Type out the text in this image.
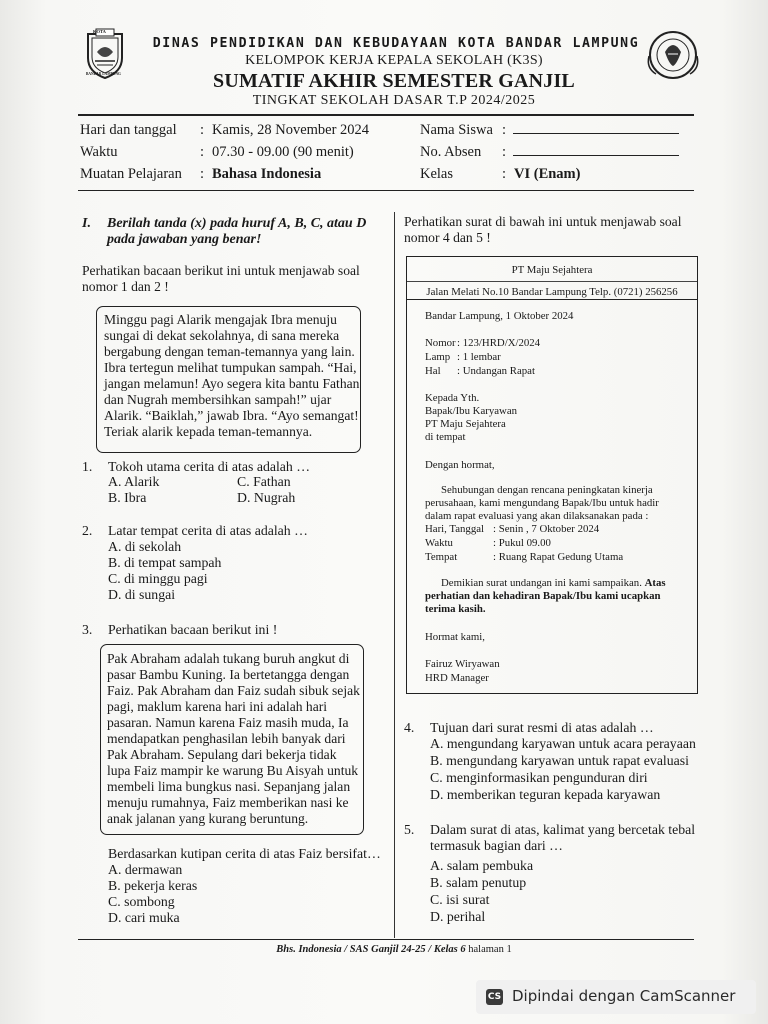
KOTA
BANDAR LAMPUNG
DINAS PENDIDIKAN DAN KEBUDAYAAN KOTA BANDAR LAMPUNG
KELOMPOK KERJA KEPALA SEKOLAH (K3S)
SUMATIF AKHIR SEMESTER GANJIL
TINGKAT SEKOLAH DASAR T.P 2024/2025
Hari dan tanggal : Kamis, 28 November 2024
Waktu	: 07.30 - 09.00 (90 menit)
Muatan Pelajaran : Bahasa Indonesia
Nama Siswa :
No. Absen :
Kelas	: VI (Enam)
I. Berilah tanda (x) pada huruf A, B, C, atau D
pada jawaban yang benar!
Perhatikan bacaan berikut ini untuk menjawab soal
nomor 1 dan 2 !
Minggu pagi Alarik mengajak Ibra menuju
sungai di dekat sekolahnya, di sana mereka
bergabung dengan teman-temannya yang lain.
Ibra tertegun melihat tumpukan sampah. “Hai,
jangan melamun! Ayo segera kita bantu Fathan
dan Nugrah membersihkan sampah!” ujar
Alarik. “Baiklah,” jawab Ibra. “Ayo semangat!
Teriak alarik kepada teman-temannya.
1. Tokoh utama cerita di atas adalah …
A. Alarik
B. Ibra
C. Fathan
D. Nugrah
2. Latar tempat cerita di atas adalah …
A. di sekolah
B. di tempat sampah
C. di minggu pagi
D. di sungai
3. Perhatikan bacaan berikut ini !
Pak Abraham adalah tukang buruh angkut di
pasar Bambu Kuning. Ia bertetangga dengan
Faiz. Pak Abraham dan Faiz sudah sibuk sejak
pagi, maklum karena hari ini adalah hari
pasaran. Namun karena Faiz masih muda, Ia
mendapatkan penghasilan lebih banyak dari
Pak Abraham. Sepulang dari bekerja tidak
lupa Faiz mampir ke warung Bu Aisyah untuk
membeli lima bungkus nasi. Sepanjang jalan
menuju rumahnya, Faiz memberikan nasi ke
anak jalanan yang kurang beruntung.
Berdasarkan kutipan cerita di atas Faiz bersifat…
A. dermawan
B. pekerja keras
C. sombong
D. cari muka
Perhatikan surat di bawah ini untuk menjawab soal
nomor 4 dan 5 !
PT Maju Sejahtera
Jalan Melati No.10 Bandar Lampung Telp. (0721) 256256
Bandar Lampung, 1 Oktober 2024
Nomor : 123/HRD/X/2024
Lamp : 1 lembar
Hal : Undangan Rapat
Kepada Yth.
Bapak/Ibu Karyawan
PT Maju Sejahtera
di tempat
Dengan hormat,
Sehubungan dengan rencana peningkatan kinerja
perusahaan, kami mengundang Bapak/Ibu untuk hadir
dalam rapat evaluasi yang akan dilaksanakan pada :
Hari, Tanggal : Senin , 7 Oktober 2024
Waktu	: Pukul 09.00
Tempat	: Ruang Rapat Gedung Utama
Demikian surat undangan ini kami sampaikan. Atas
perhatian dan kehadiran Bapak/Ibu kami ucapkan
terima kasih.
Hormat kami,
Fairuz Wiryawan
HRD Manager
4. Tujuan dari surat resmi di atas adalah …
A. mengundang karyawan untuk acara perayaan
B. mengundang karyawan untuk rapat evaluasi
C. menginformasikan pengunduran diri
D. memberikan teguran kepada karyawan
5. Dalam surat di atas, kalimat yang bercetak tebal
termasuk bagian dari …
A. salam pembuka
B. salam penutup
C. isi surat
D. perihal
Bhs. Indonesia / SAS Ganjil 24-25 / Kelas 6 halaman 1
CS Dipindai dengan CamScanner
